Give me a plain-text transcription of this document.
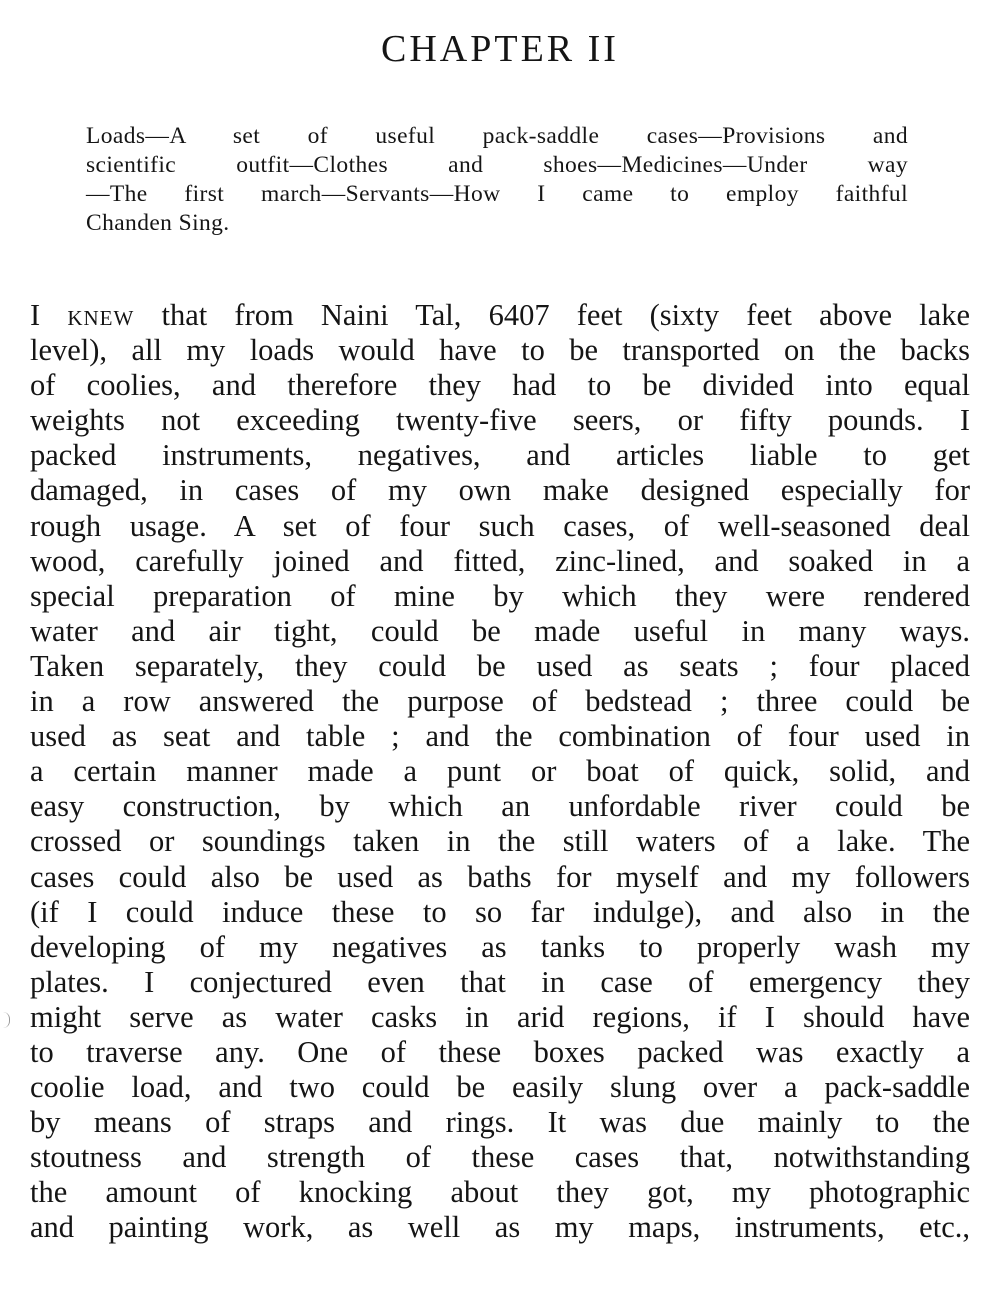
CHAPTER II
Loads—A set of useful pack-saddle cases—Provisions and
scientific outfit—Clothes and shoes—Medicines—Under way
—The first march—Servants—How I came to employ faithful
Chanden Sing.
I knew that from Naini Tal, 6407 feet (sixty feet above lake
level), all my loads would have to be transported on the backs
of coolies, and therefore they had to be divided into equal
weights not exceeding twenty-five seers, or fifty pounds. I
packed instruments, negatives, and articles liable to get
damaged, in cases of my own make designed especially for
rough usage. A set of four such cases, of well-seasoned deal
wood, carefully joined and fitted, zinc-lined, and soaked in a
special preparation of mine by which they were rendered
water and air tight, could be made useful in many ways.
Taken separately, they could be used as seats ; four placed
in a row answered the purpose of bedstead ; three could be
used as seat and table ; and the combination of four used in
a certain manner made a punt or boat of quick, solid, and
easy construction, by which an unfordable river could be
crossed or soundings taken in the still waters of a lake. The
cases could also be used as baths for myself and my followers
(if I could induce these to so far indulge), and also in the
developing of my negatives as tanks to properly wash my
plates. I conjectured even that in case of emergency they
might serve as water casks in arid regions, if I should have
to traverse any. One of these boxes packed was exactly a
coolie load, and two could be easily slung over a pack-saddle
by means of straps and rings. It was due mainly to the
stoutness and strength of these cases that, notwithstanding
the amount of knocking about they got, my photographic
and painting work, as well as my maps, instruments, etc.,
